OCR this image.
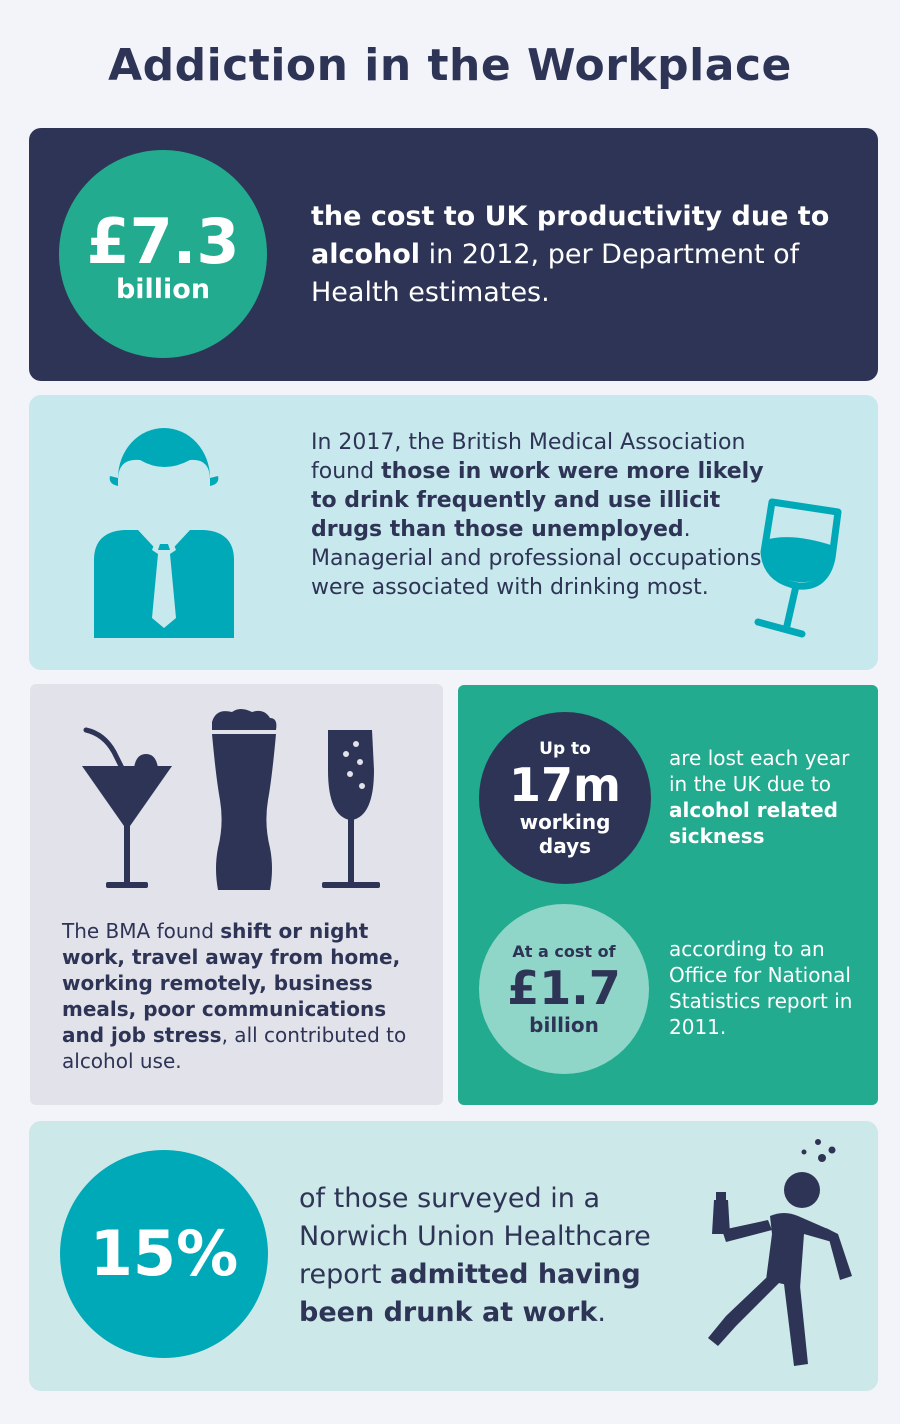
Addiction in the Workplace
£7.3
billion
the cost to UK productivity due to alcohol in 2012, per Department of Health estimates.
In 2017, the British Medical Association found those in work were more likely to drink frequently and use illicit drugs than those unemployed. Managerial and professional occupations were associated with drinking most.
The BMA found shift or night work, travel away from home, working remotely, business meals, poor communications and job stress, all contributed to alcohol use.
Up to
17m
working
days
are lost each year in the UK due to alcohol related sickness
At a cost of
£1.7
billion
according to an Office for National Statistics report in 2011.
15%
of those surveyed in a Norwich Union Healthcare report admitted having been drunk at work.
